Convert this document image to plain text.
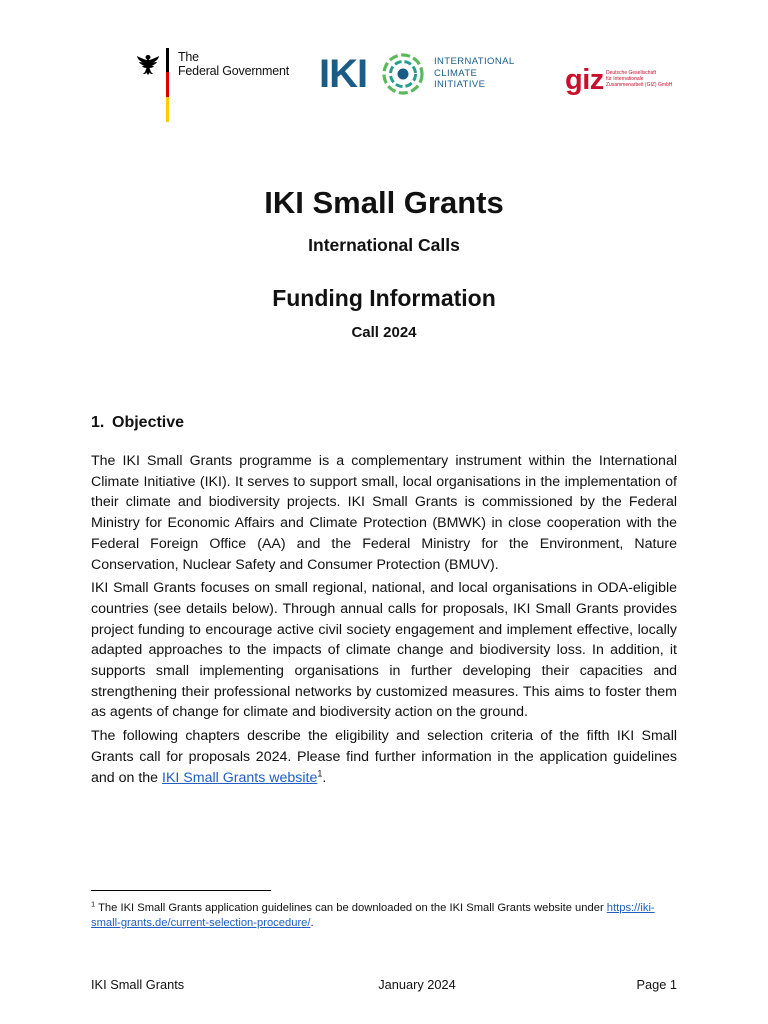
The
Federal Government IKI	INTERNATIONAL
CLIMATE
INITIATIVE	giz Deutsche Gesellschaft
für Internationale
Zusammenarbeit (GIZ) GmbH
IKI Small Grants
International Calls
Funding Information
Call 2024
1. Objective

The IKI Small Grants programme is a complementary instrument within the International Climate Initiative (IKI). It serves to support small, local organisations in the implementation of their climate and biodiversity projects. IKI Small Grants is commissioned by the Federal Ministry for Economic Affairs and Climate Protection (BMWK) in close cooperation with the Federal Foreign Office (AA) and the Federal Ministry for the Environment, Nature Conservation, Nuclear Safety and Consumer Protection (BMUV).

IKI Small Grants focuses on small regional, national, and local organisations in ODA-eligible countries (see details below). Through annual calls for proposals, IKI Small Grants provides project funding to encourage active civil society engagement and implement effective, locally adapted approaches to the impacts of climate change and biodiversity loss. In addition, it supports small implementing organisations in further developing their capacities and strengthening their professional networks by customized measures. This aims to foster them as agents of change for climate and biodiversity action on the ground.

The following chapters describe the eligibility and selection criteria of the fifth IKI Small Grants call for proposals 2024. Please find further information in the application guidelines and on the IKI Small Grants website$^1$.

$^1$ The IKI Small Grants application guidelines can be downloaded on the IKI Small Grants website under https://iki-small-grants.de/current-selection-procedure/.
IKI Small Grants	January 2024	Page 1
